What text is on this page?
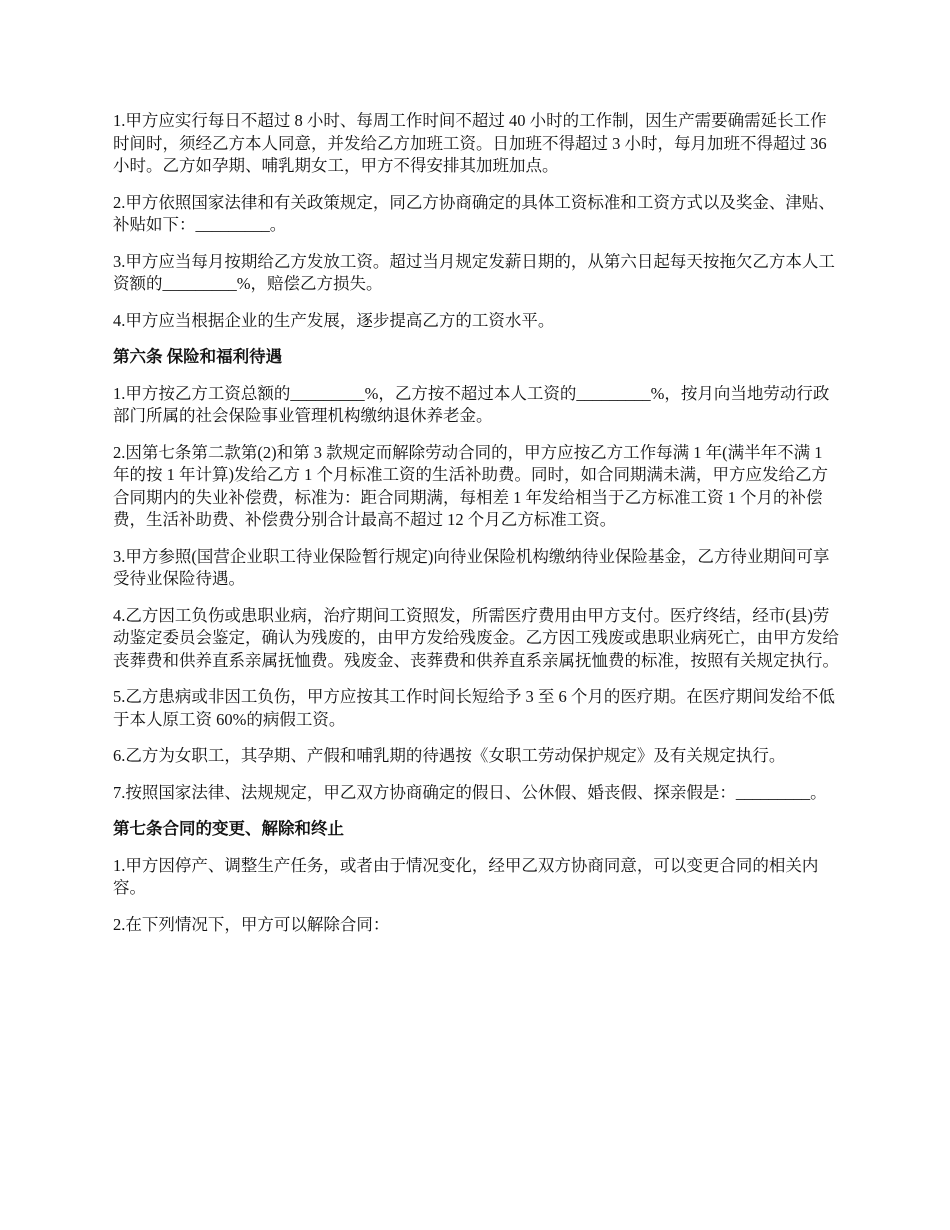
1.甲方应实行每日不超过 8 小时、每周工作时间不超过 40 小时的工作制，因生产需要确需延长工作时间时，须经乙方本人同意，并发给乙方加班工资。日加班不得超过 3 小时，每月加班不得超过 36 小时。乙方如孕期、哺乳期女工，甲方不得安排其加班加点。

2.甲方依照国家法律和有关政策规定，同乙方协商确定的具体工资标准和工资方式以及奖金、津贴、补贴如下：_________。

3.甲方应当每月按期给乙方发放工资。超过当月规定发薪日期的，从第六日起每天按拖欠乙方本人工资额的_________%，赔偿乙方损失。

4.甲方应当根据企业的生产发展，逐步提高乙方的工资水平。

第六条 保险和福利待遇

1.甲方按乙方工资总额的_________%，乙方按不超过本人工资的_________%，按月向当地劳动行政部门所属的社会保险事业管理机构缴纳退休养老金。

2.因第七条第二款第(2)和第 3 款规定而解除劳动合同的，甲方应按乙方工作每满 1 年(满半年不满 1 年的按 1 年计算)发给乙方 1 个月标准工资的生活补助费。同时，如合同期满未满，甲方应发给乙方合同期内的失业补偿费，标准为：距合同期满，每相差 1 年发给相当于乙方标准工资 1 个月的补偿费，生活补助费、补偿费分别合计最高不超过 12 个月乙方标准工资。

3.甲方参照(国营企业职工待业保险暂行规定)向待业保险机构缴纳待业保险基金，乙方待业期间可享受待业保险待遇。

4.乙方因工负伤或患职业病，治疗期间工资照发，所需医疗费用由甲方支付。医疗终结，经市(县)劳动鉴定委员会鉴定，确认为残废的，由甲方发给残废金。乙方因工残废或患职业病死亡，由甲方发给丧葬费和供养直系亲属抚恤费。残废金、丧葬费和供养直系亲属抚恤费的标准，按照有关规定执行。

5.乙方患病或非因工负伤，甲方应按其工作时间长短给予 3 至 6 个月的医疗期。在医疗期间发给不低于本人原工资 60%的病假工资。

6.乙方为女职工，其孕期、产假和哺乳期的待遇按《女职工劳动保护规定》及有关规定执行。

7.按照国家法律、法规规定，甲乙双方协商确定的假日、公休假、婚丧假、探亲假是：_________。

第七条合同的变更、解除和终止

1.甲方因停产、调整生产任务，或者由于情况变化，经甲乙双方协商同意，可以变更合同的相关内容。

2.在下列情况下，甲方可以解除合同：
